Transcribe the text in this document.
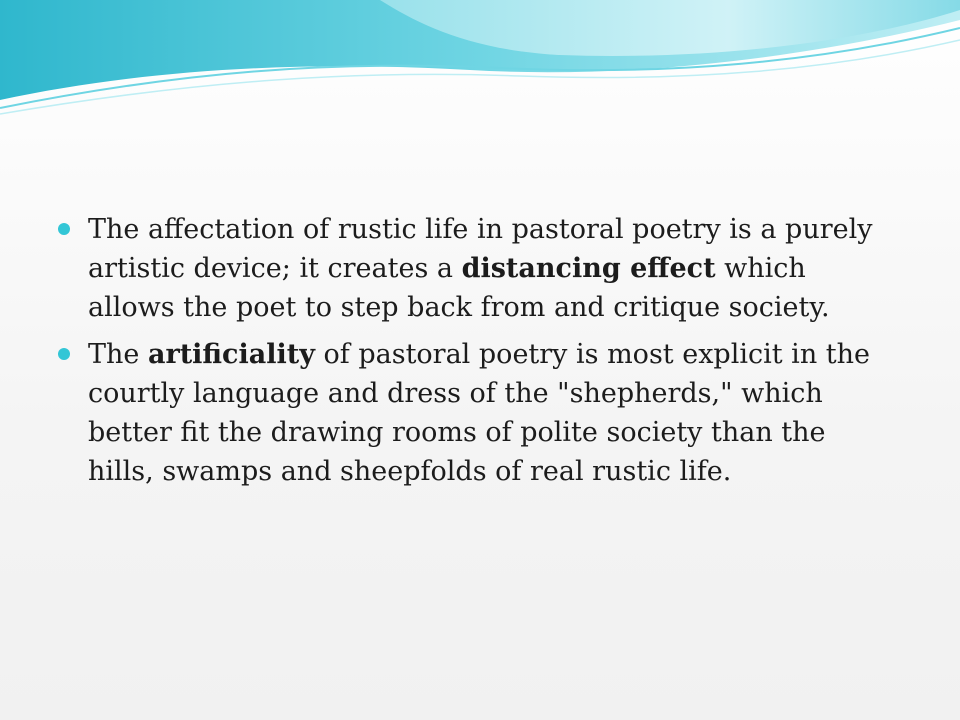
The affectation of rustic life in pastoral poetry is a purely artistic device; it creates a distancing effect which allows the poet to step back from and critique society.
The artificiality of pastoral poetry is most explicit in the courtly language and dress of the "shepherds," which better fit the drawing rooms of polite society than the hills, swamps and sheepfolds of real rustic life.
